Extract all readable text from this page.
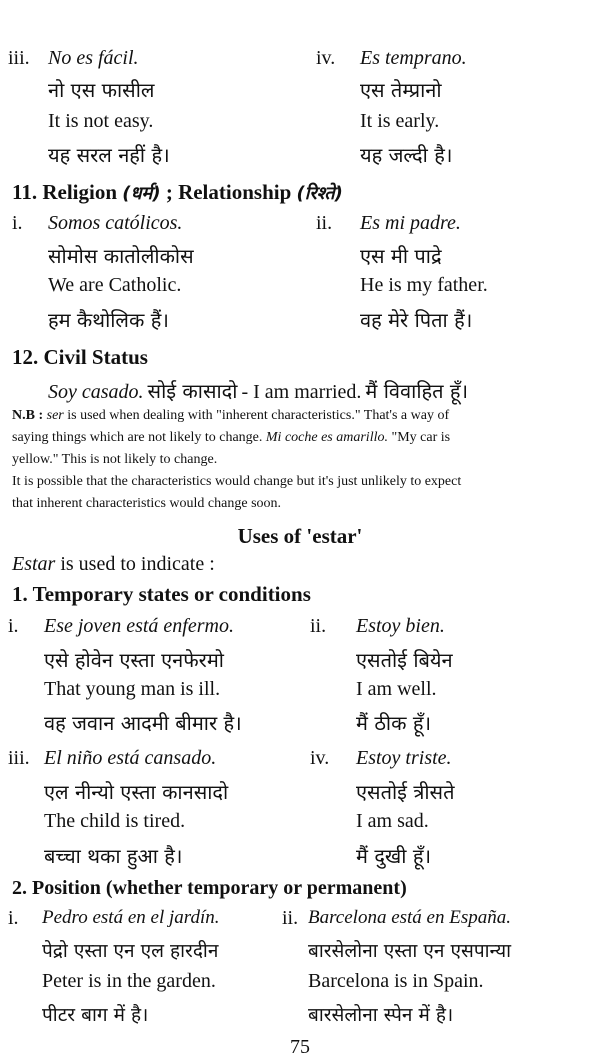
iii. No es fácil.
नो एस फासील
It is not easy.
यह सरल नहीं है।
iv. Es temprano.
एस तेम्प्रानो
It is early.
यह जल्दी है।
11. Religion (धर्म) ; Relationship (रिश्ते)
i. Somos católicos.
सोमोस कातोलीकोस
We are Catholic.
हम कैथोलिक हैं।
ii. Es mi padre.
एस मी पाद्रे
He is my father.
वह मेरे पिता हैं।
12. Civil Status
Soy casado. सोई कासादो - I am married. मैं विवाहित हूँ।
N.B : ser is used when dealing with "inherent characteristics." That's a way of
saying things which are not likely to change. Mi coche es amarillo. "My car is
yellow." This is not likely to change.
It is possible that the characteristics would change but it's just unlikely to expect
that inherent characteristics would change soon.
Uses of 'estar'
Estar is used to indicate :
1. Temporary states or conditions
i. Ese joven está enfermo.
एसे होवेन एस्ता एनफेरमो
That young man is ill.
वह जवान आदमी बीमार है।
ii. Estoy bien.
एसतोई बियेन
I am well.
मैं ठीक हूँ।
iii. El niño está cansado.
एल नीन्यो एस्ता कानसादो
The child is tired.
बच्चा थका हुआ है।
iv. Estoy triste.
एसतोई त्रीसते
I am sad.
मैं दुखी हूँ।
2. Position (whether temporary or permanent)
i. Pedro está en el jardín.
पेद्रो एस्ता एन एल हारदीन
Peter is in the garden.
पीटर बाग में है।
ii. Barcelona está en España.
बारसेलोना एस्ता एन एसपान्या
Barcelona is in Spain.
बारसेलोना स्पेन में है।
75
